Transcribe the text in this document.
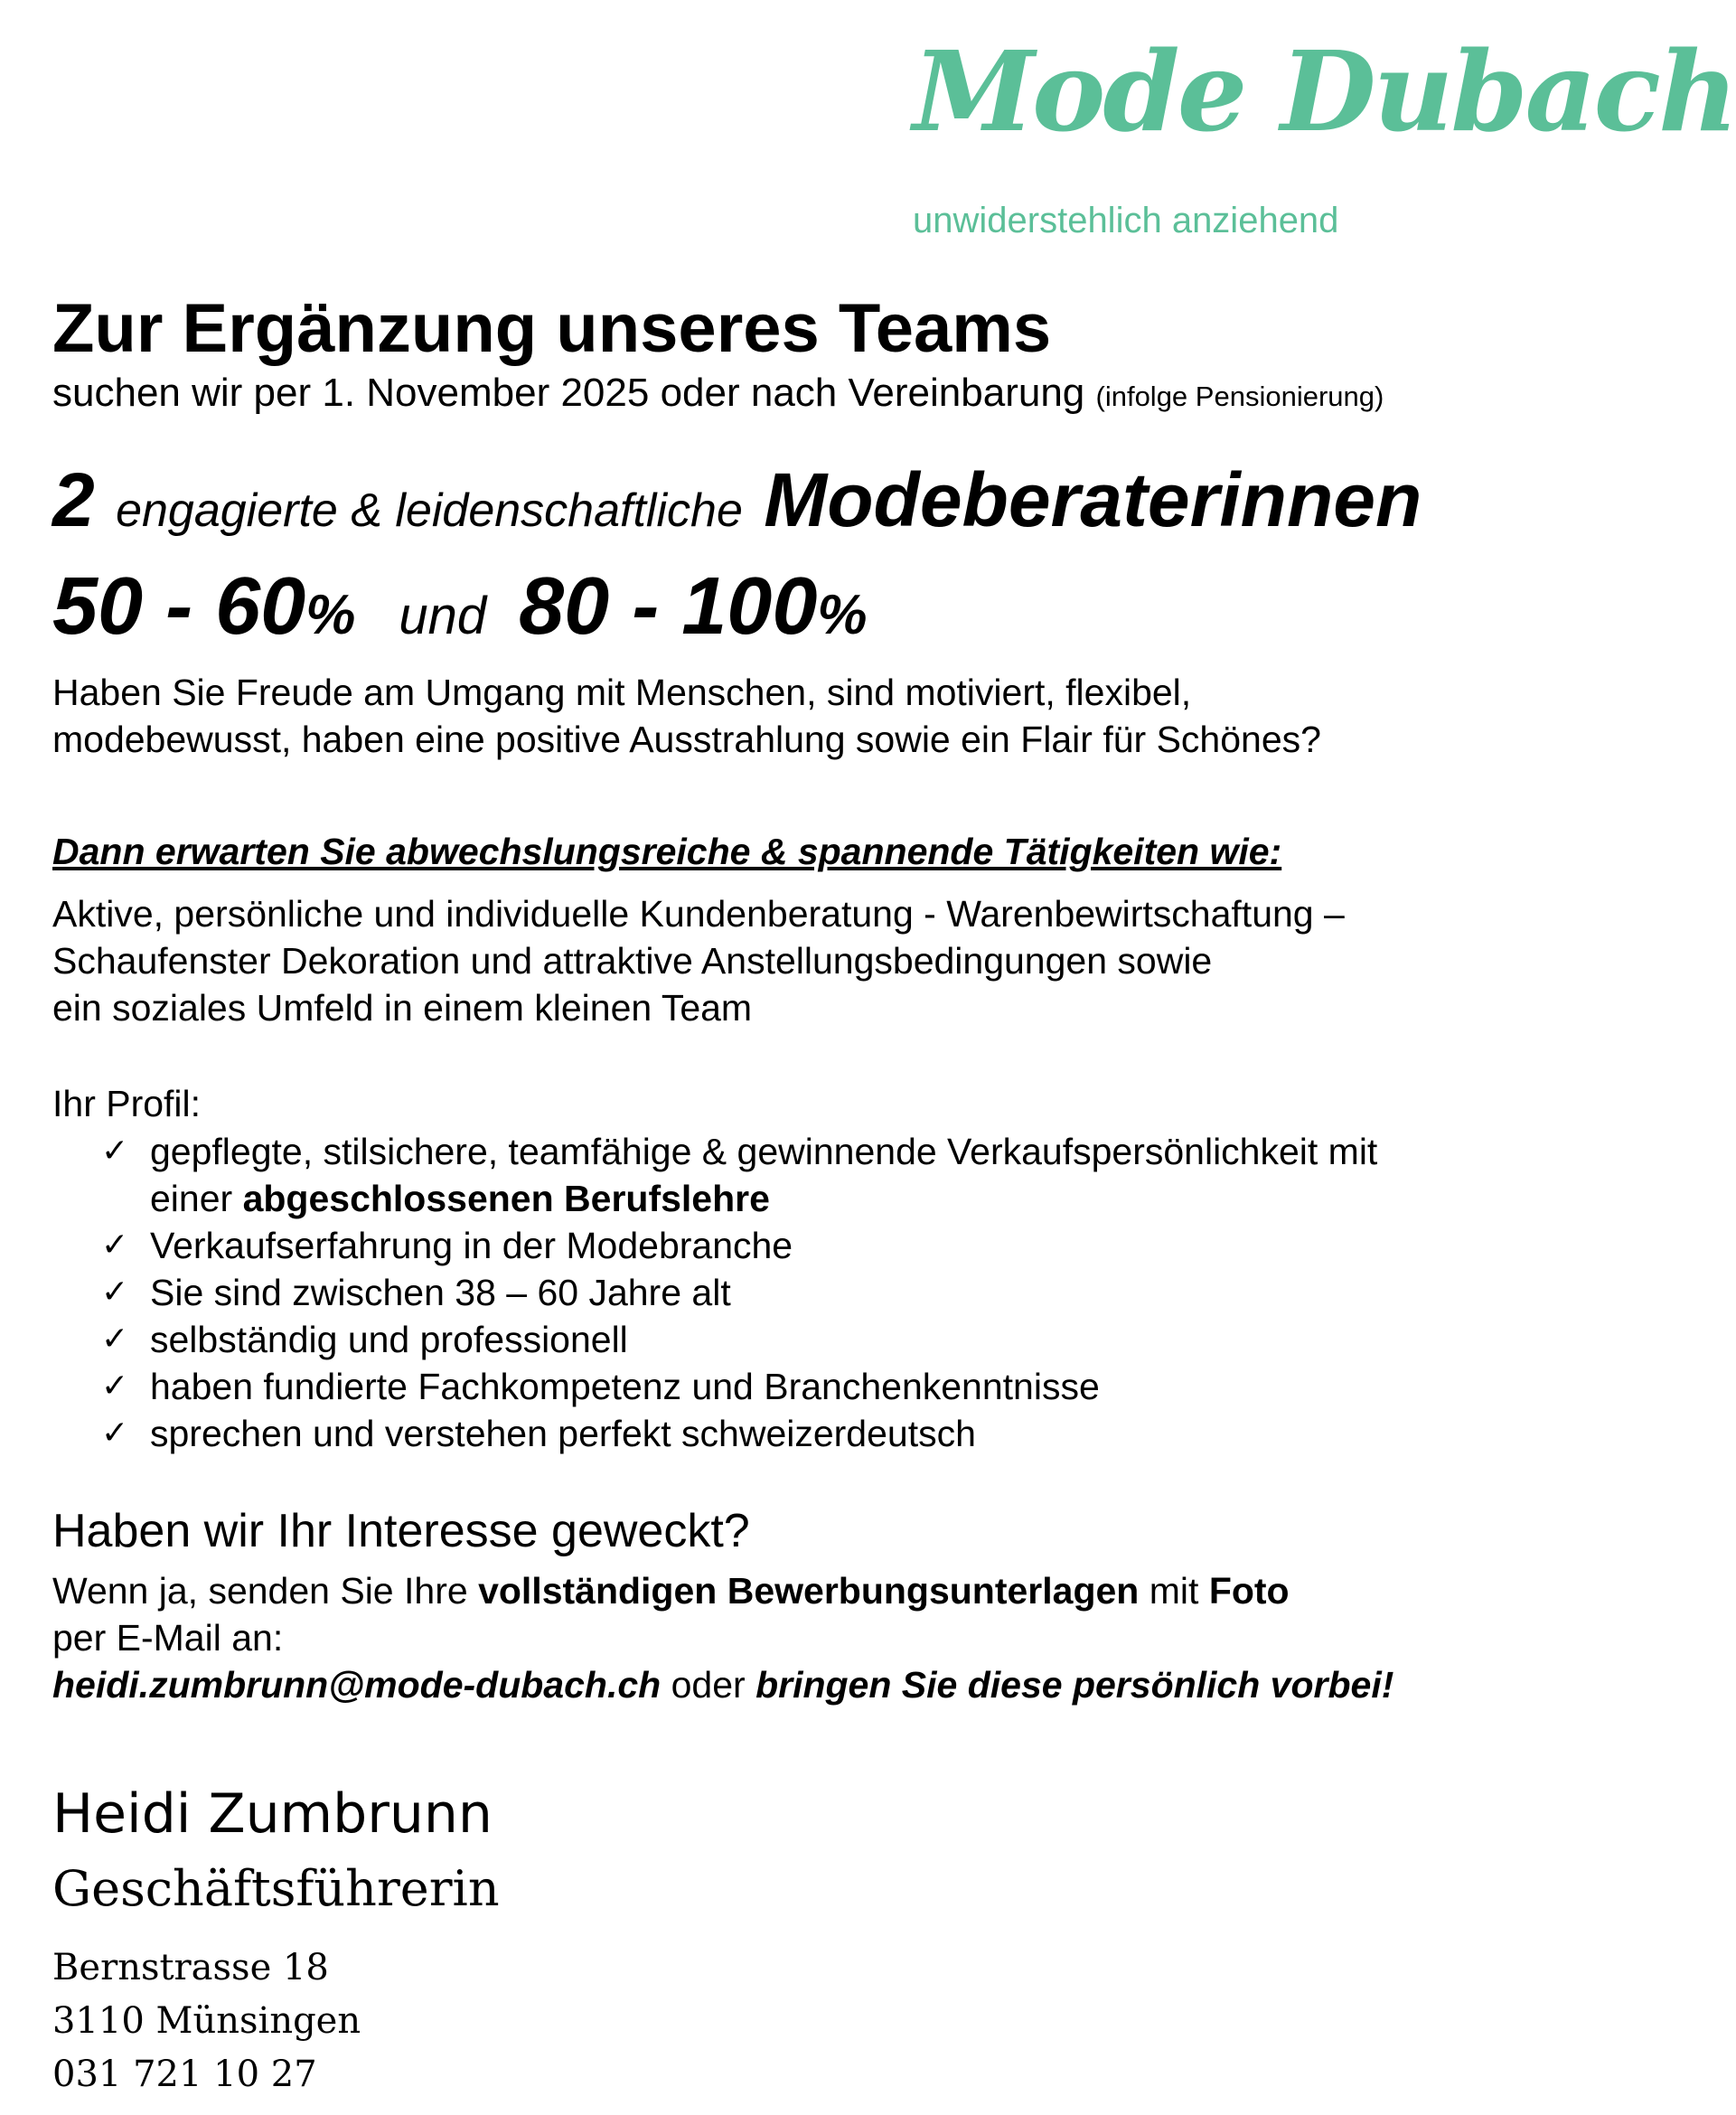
Mode Dubach
unwiderstehlich anziehend
Zur Ergänzung unseres Teams
suchen wir per 1. November 2025 oder nach Vereinbarung (infolge Pensionierung)
2 engagierte & leidenschaftliche Modeberaterinnen
50 - 60% und 80 - 100%
Haben Sie Freude am Umgang mit Menschen, sind motiviert, flexibel,
modebewusst, haben eine positive Ausstrahlung sowie ein Flair für Schönes?
Dann erwarten Sie abwechslungsreiche & spannende Tätigkeiten wie:
Aktive, persönliche und individuelle Kundenberatung - Warenbewirtschaftung –
Schaufenster Dekoration und attraktive Anstellungsbedingungen sowie
ein soziales Umfeld in einem kleinen Team
Ihr Profil:
✓ gepflegte, stilsichere, teamfähige & gewinnende Verkaufspersönlichkeit mit
einer abgeschlossenen Berufslehre
✓ Verkaufserfahrung in der Modebranche
✓ Sie sind zwischen 38 – 60 Jahre alt
✓ selbständig und professionell
✓ haben fundierte Fachkompetenz und Branchenkenntnisse
✓ sprechen und verstehen perfekt schweizerdeutsch
Haben wir Ihr Interesse geweckt?
Wenn ja, senden Sie Ihre vollständigen Bewerbungsunterlagen mit Foto
per E-Mail an:
heidi.zumbrunn@mode-dubach.ch oder bringen Sie diese persönlich vorbei!
Heidi Zumbrunn
Geschäftsführerin
Bernstrasse 18
3110 Münsingen
031 721 10 27
